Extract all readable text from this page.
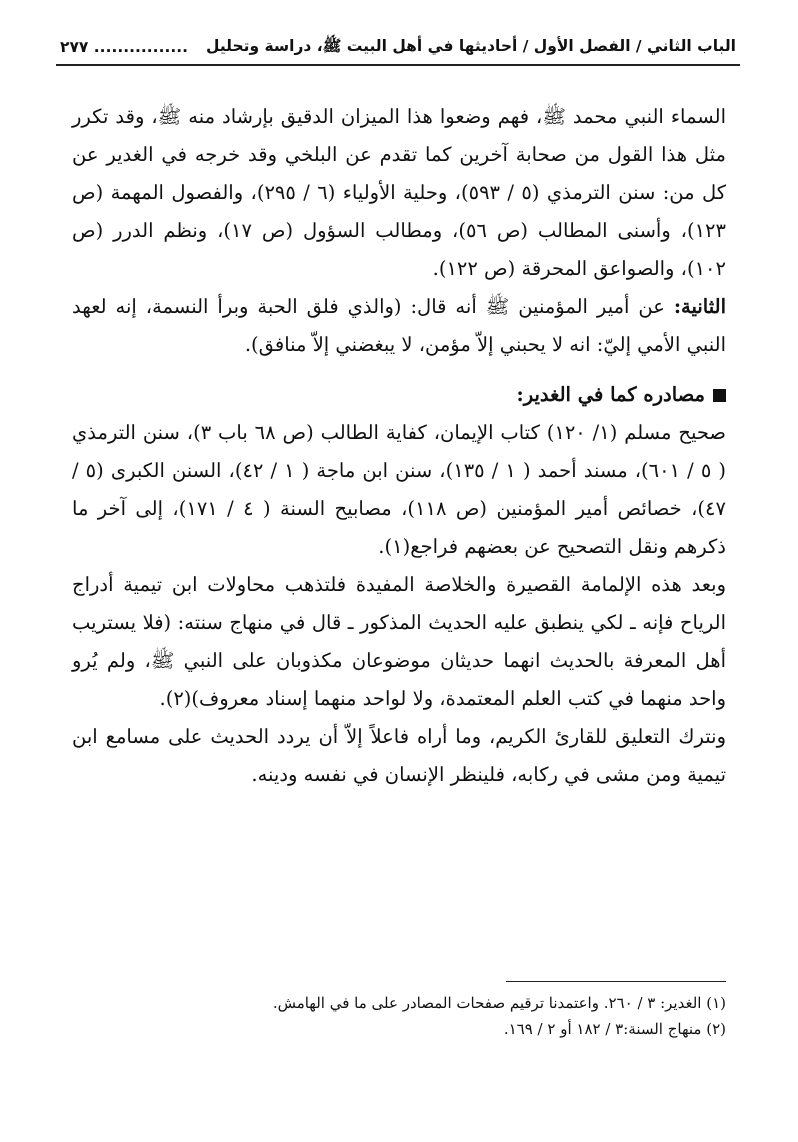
الباب الثاني / الفصل الأول / أحاديثها في أهل البيت ﷺ، دراسة وتحليل
................ ٢٧٧

السماء النبي محمد ﷺ، فهم وضعوا هذا الميزان الدقيق بإرشاد منه ﷺ، وقد تكرر مثل هذا القول من صحابة آخرين كما تقدم عن البلخي وقد خرجه في الغدير عن كل من: سنن الترمذي (٥ / ٥٩٣)، وحلية الأولياء (٦ / ٢٩٥)، والفصول المهمة (ص ١٢٣)، وأسنى المطالب (ص ٥٦)، ومطالب السؤول (ص ١٧)، ونظم الدرر (ص ١٠٢)، والصواعق المحرقة (ص ١٢٢).

الثانية: عن أمير المؤمنين ﷺ أنه قال: (والذي فلق الحبة وبرأ النسمة، إنه لعهد النبي الأمي إليّ: انه لا يحبني إلاّ مؤمن، لا يبغضني إلاّ منافق).

مصادره كما في الغدير:

صحيح مسلم (١/ ١٢٠) كتاب الإيمان، كفاية الطالب (ص ٦٨ باب ٣)، سنن الترمذي ( ٥ / ٦٠١)، مسند أحمد ( ١ / ١٣٥)، سنن ابن ماجة ( ١ / ٤٢)، السنن الكبرى (٥ / ٤٧)، خصائص أمير المؤمنين (ص ١١٨)، مصابيح السنة ( ٤ / ١٧١)، إلى آخر ما ذكرهم ونقل التصحيح عن بعضهم فراجع(١).

وبعد هذه الإلمامة القصيرة والخلاصة المفيدة فلتذهب محاولات ابن تيمية أدراج الرياح فإنه ـ لكي ينطبق عليه الحديث المذكور ـ قال في منهاج سنته: (فلا يستريب أهل المعرفة بالحديث انهما حديثان موضوعان مكذوبان على النبي ﷺ، ولم يُرو واحد منهما في كتب العلم المعتمدة، ولا لواحد منهما إسناد معروف)(٢).

ونترك التعليق للقارئ الكريم، وما أراه فاعلاً إلاّ أن يردد الحديث على مسامع ابن تيمية ومن مشى في ركابه، فلينظر الإنسان في نفسه ودينه.

(١) الغدير: ٣ / ٢٦٠. واعتمدنا ترقيم صفحات المصادر على ما في الهامش.
(٢) منهاج السنة:٣ / ١٨٢ أو ٢ / ١٦٩.
